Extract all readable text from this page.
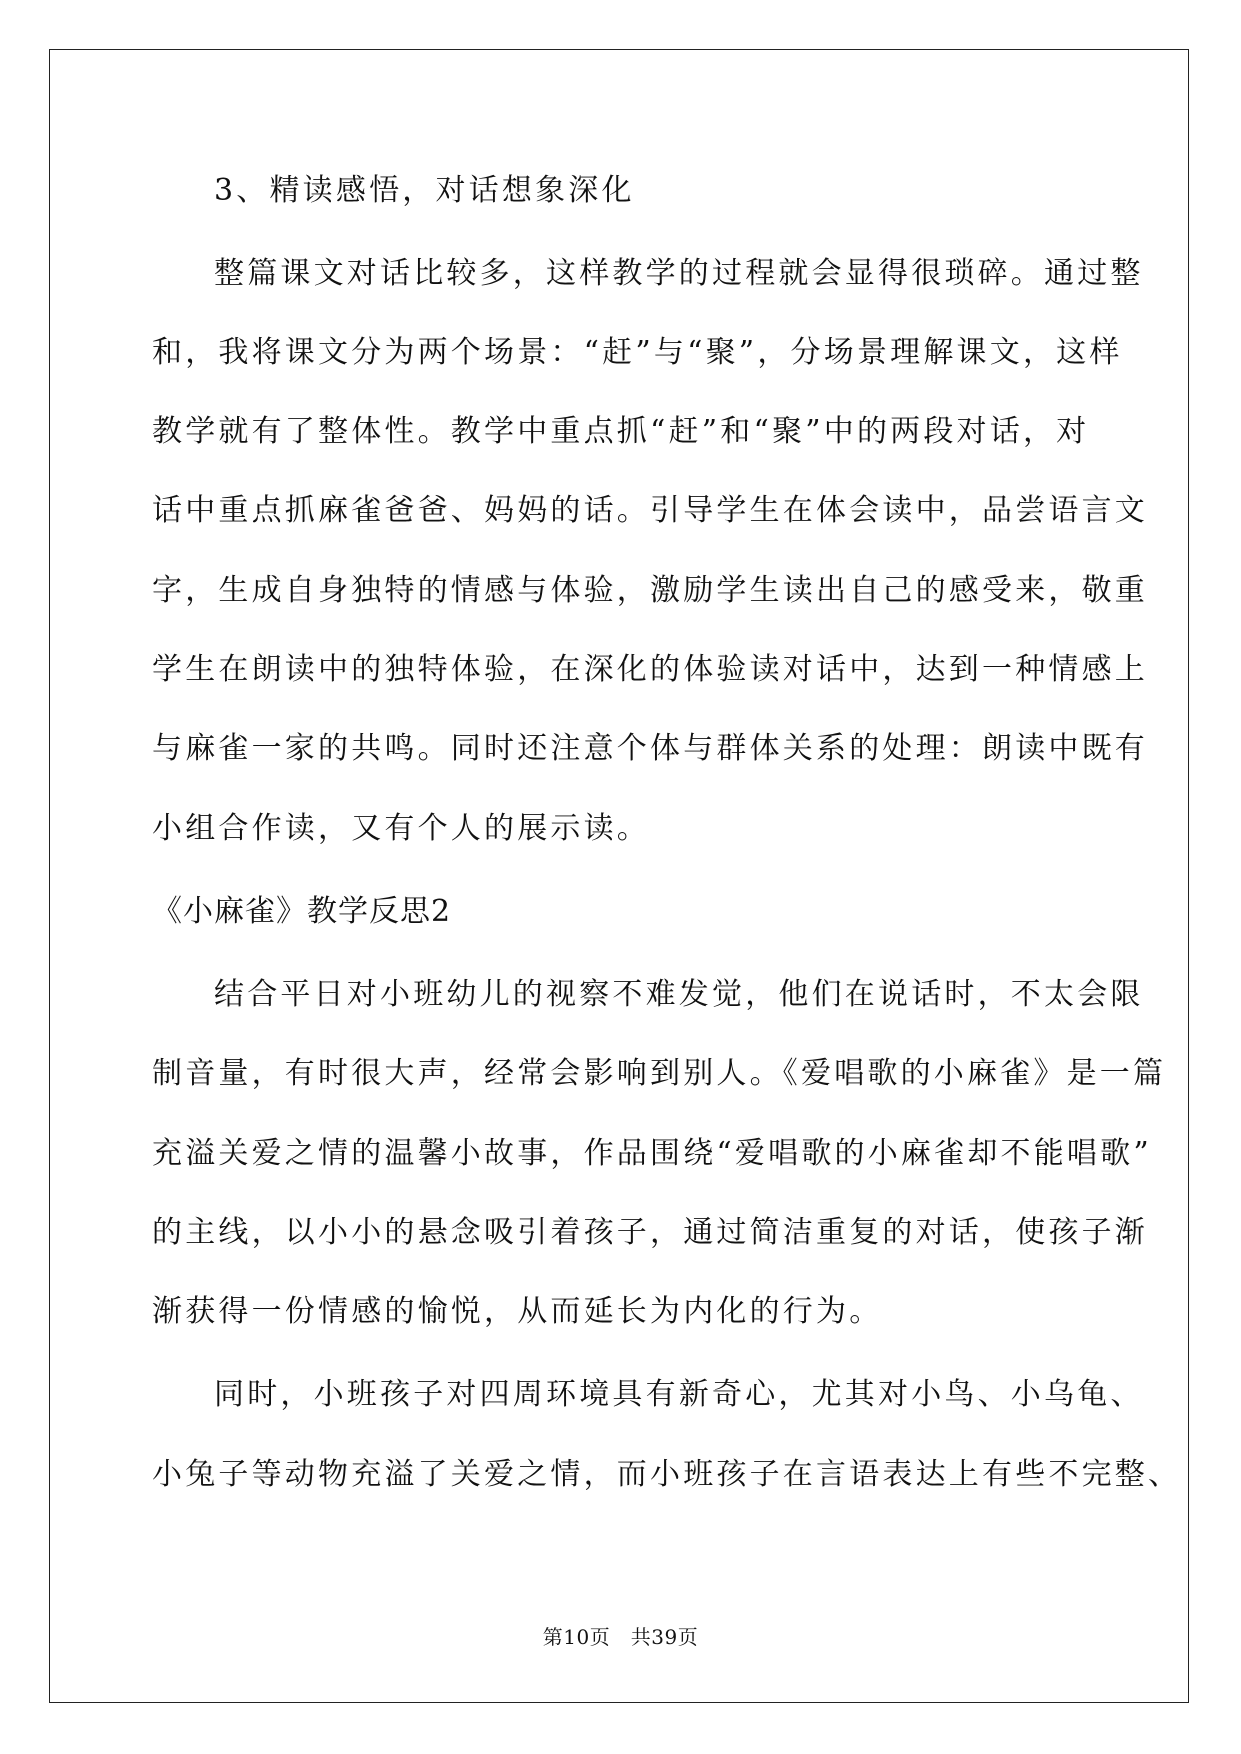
3、精读感悟，对话想象深化
整篇课文对话比较多，这样教学的过程就会显得很琐碎。通过整
和，我将课文分为两个场景：“赶”与“聚”，分场景理解课文，这样
教学就有了整体性。教学中重点抓“赶”和“聚”中的两段对话，对
话中重点抓麻雀爸爸、妈妈的话。引导学生在体会读中，品尝语言文
字，生成自身独特的情感与体验，激励学生读出自己的感受来，敬重
学生在朗读中的独特体验，在深化的体验读对话中，达到一种情感上
与麻雀一家的共鸣。同时还注意个体与群体关系的处理：朗读中既有
小组合作读，又有个人的展示读。
《小麻雀》教学反思2
结合平日对小班幼儿的视察不难发觉，他们在说话时，不太会限
制音量，有时很大声，经常会影响到别人。《爱唱歌的小麻雀》是一篇
充溢关爱之情的温馨小故事，作品围绕“爱唱歌的小麻雀却不能唱歌”
的主线，以小小的悬念吸引着孩子，通过简洁重复的对话，使孩子渐
渐获得一份情感的愉悦，从而延长为内化的行为。
同时，小班孩子对四周环境具有新奇心，尤其对小鸟、小乌龟、
小兔子等动物充溢了关爱之情，而小班孩子在言语表达上有些不完整、
第10页　共39页
